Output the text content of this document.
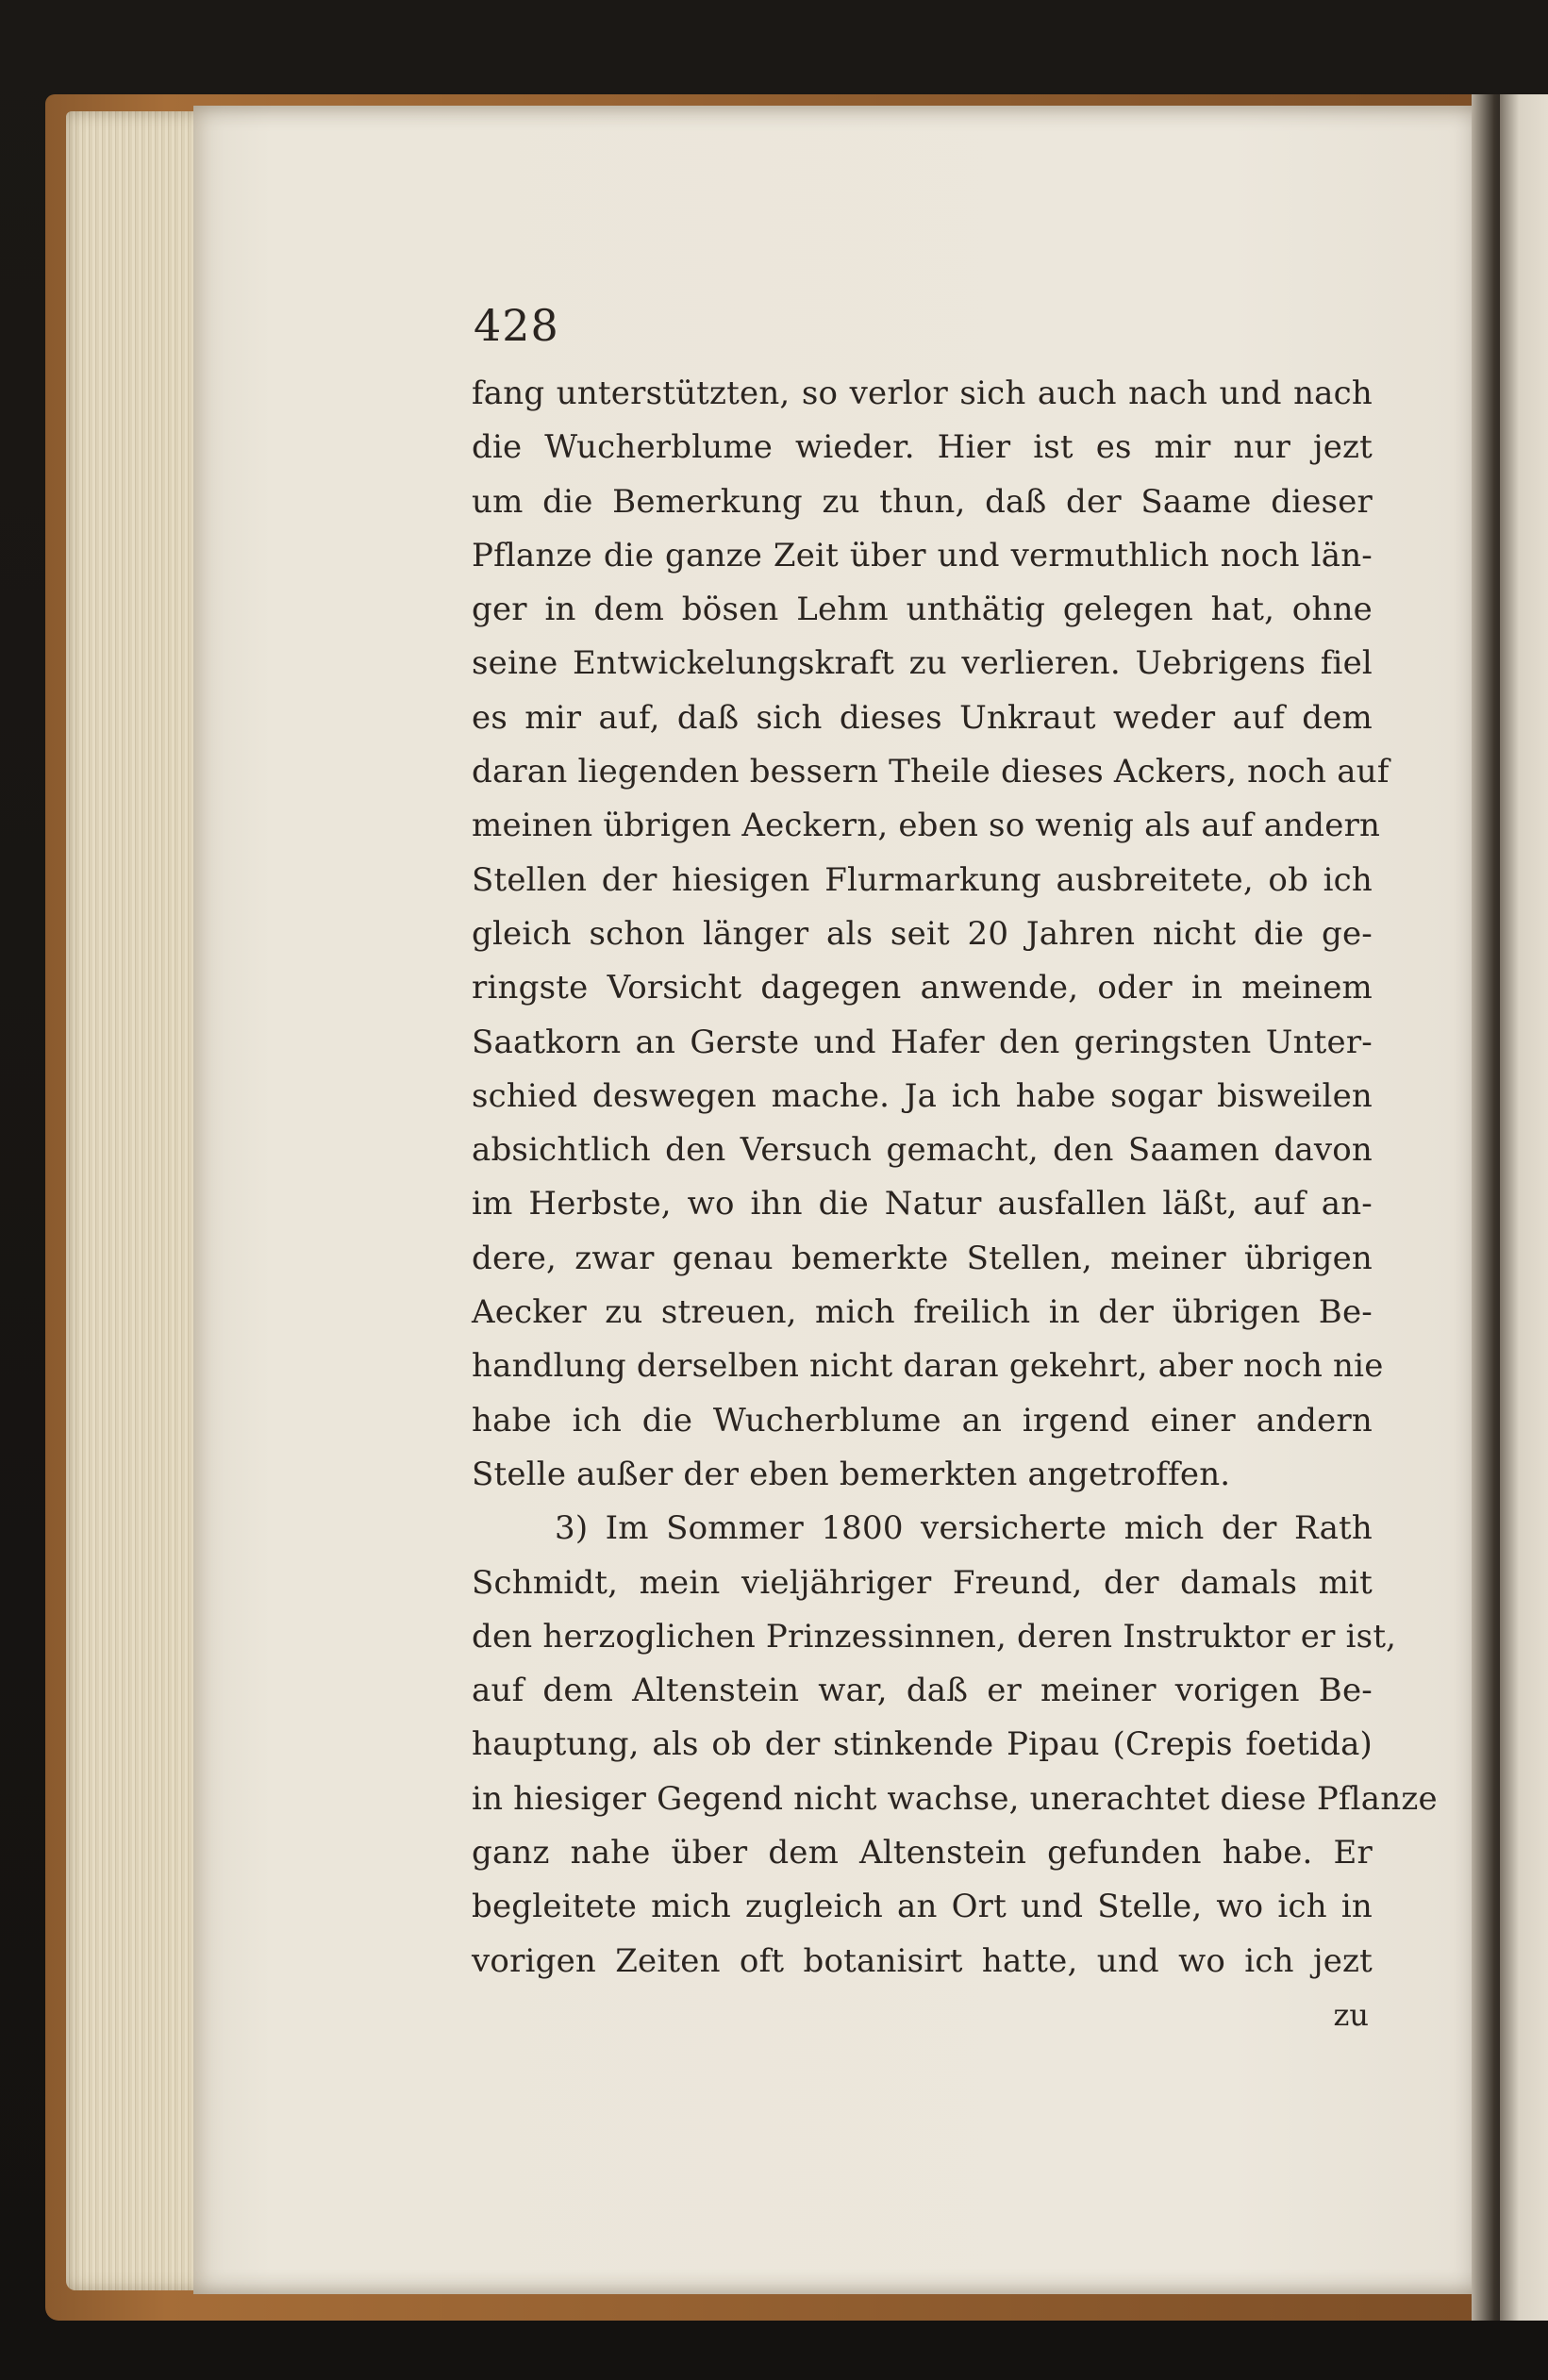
428
fang unterstützten, so verlor sich auch nach und nach
die Wucherblume wieder. Hier ist es mir nur jezt
um die Bemerkung zu thun, daß der Saame dieser
Pflanze die ganze Zeit über und vermuthlich noch län-
ger in dem bösen Lehm unthätig gelegen hat, ohne
seine Entwickelungskraft zu verlieren. Uebrigens fiel
es mir auf, daß sich dieses Unkraut weder auf dem
daran liegenden bessern Theile dieses Ackers, noch auf
meinen übrigen Aeckern, eben so wenig als auf andern
Stellen der hiesigen Flurmarkung ausbreitete, ob ich
gleich schon länger als seit 20 Jahren nicht die ge-
ringste Vorsicht dagegen anwende, oder in meinem
Saatkorn an Gerste und Hafer den geringsten Unter-
schied deswegen mache. Ja ich habe sogar bisweilen
absichtlich den Versuch gemacht, den Saamen davon
im Herbste, wo ihn die Natur ausfallen läßt, auf an-
dere, zwar genau bemerkte Stellen, meiner übrigen
Aecker zu streuen, mich freilich in der übrigen Be-
handlung derselben nicht daran gekehrt, aber noch nie
habe ich die Wucherblume an irgend einer andern
Stelle außer der eben bemerkten angetroffen.
3) Im Sommer 1800 versicherte mich der Rath
Schmidt, mein vieljähriger Freund, der damals mit
den herzoglichen Prinzessinnen, deren Instruktor er ist,
auf dem Altenstein war, daß er meiner vorigen Be-
hauptung, als ob der stinkende Pipau (Crepis foetida)
in hiesiger Gegend nicht wachse, unerachtet diese Pflanze
ganz nahe über dem Altenstein gefunden habe. Er
begleitete mich zugleich an Ort und Stelle, wo ich in
vorigen Zeiten oft botanisirt hatte, und wo ich jezt
zu
